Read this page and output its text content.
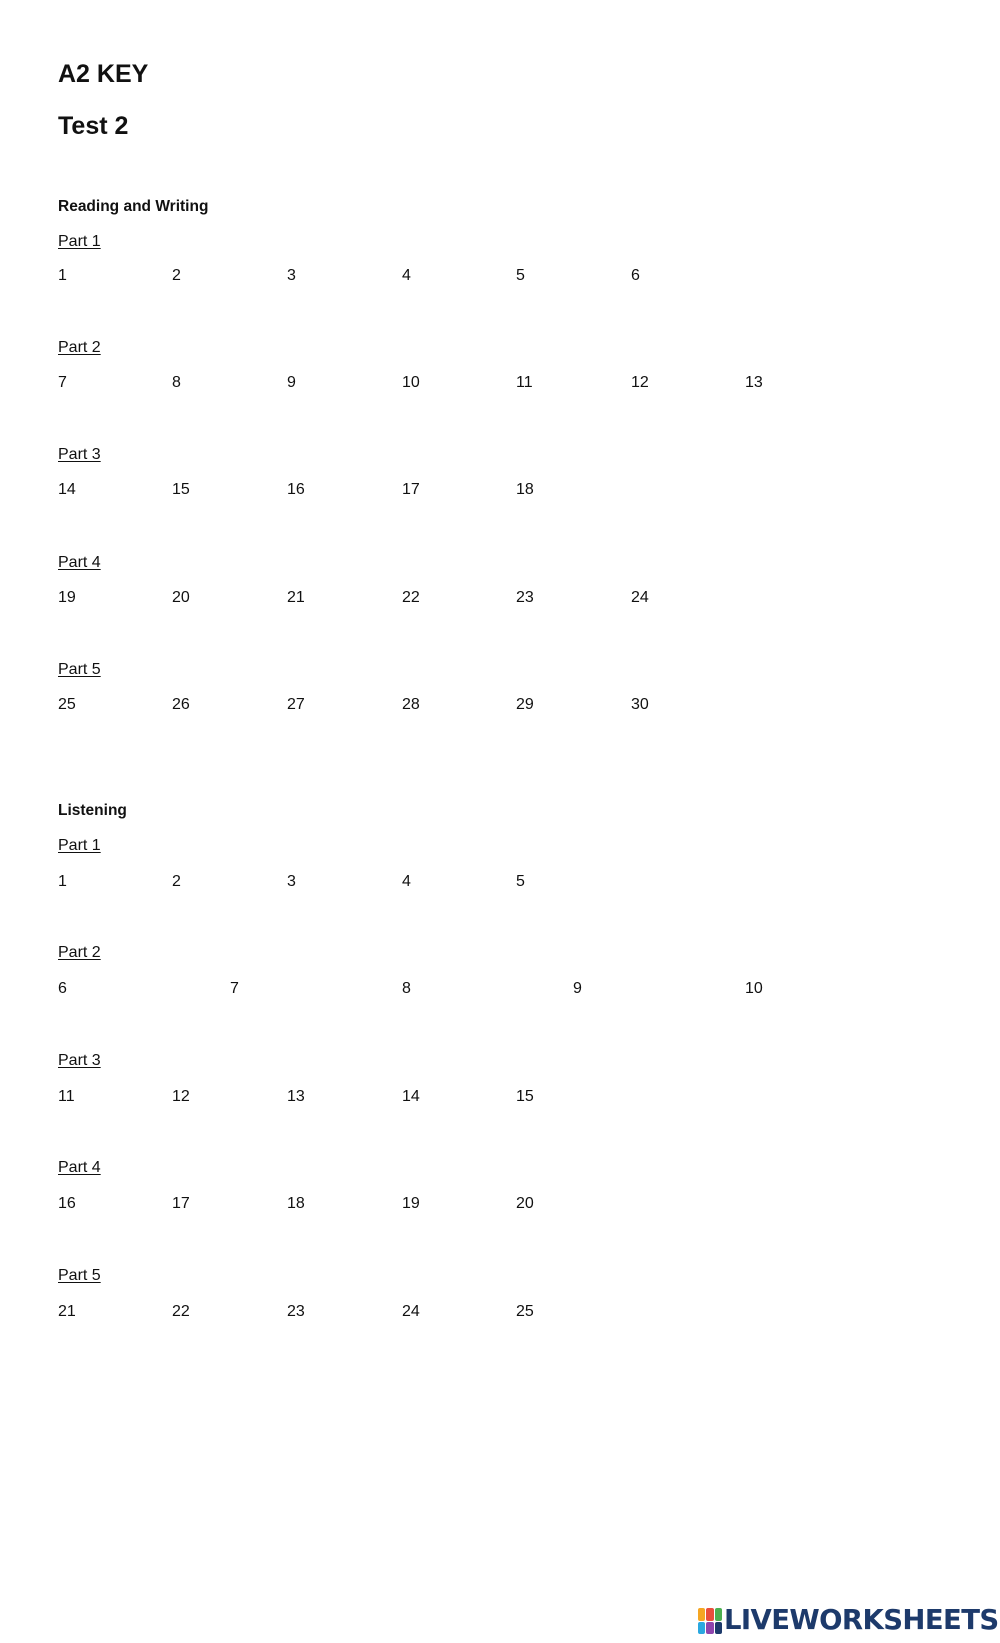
A2 KEY
Test 2
Reading and Writing
Part 1
1	2	3	4	5	6
Part 2
7	8	9	10	11	12	13
Part 3
14	15	16	17	18
Part 4
19	20	21	22	23	24
Part 5
25	26	27	28	29	30
Listening
Part 1
1	2	3	4	5
Part 2
6	7	8	9	10
Part 3
11	12	13	14	15
Part 4
16	17	18	19	20
Part 5
21	22	23	24	25
LIVEWORKSHEETS
